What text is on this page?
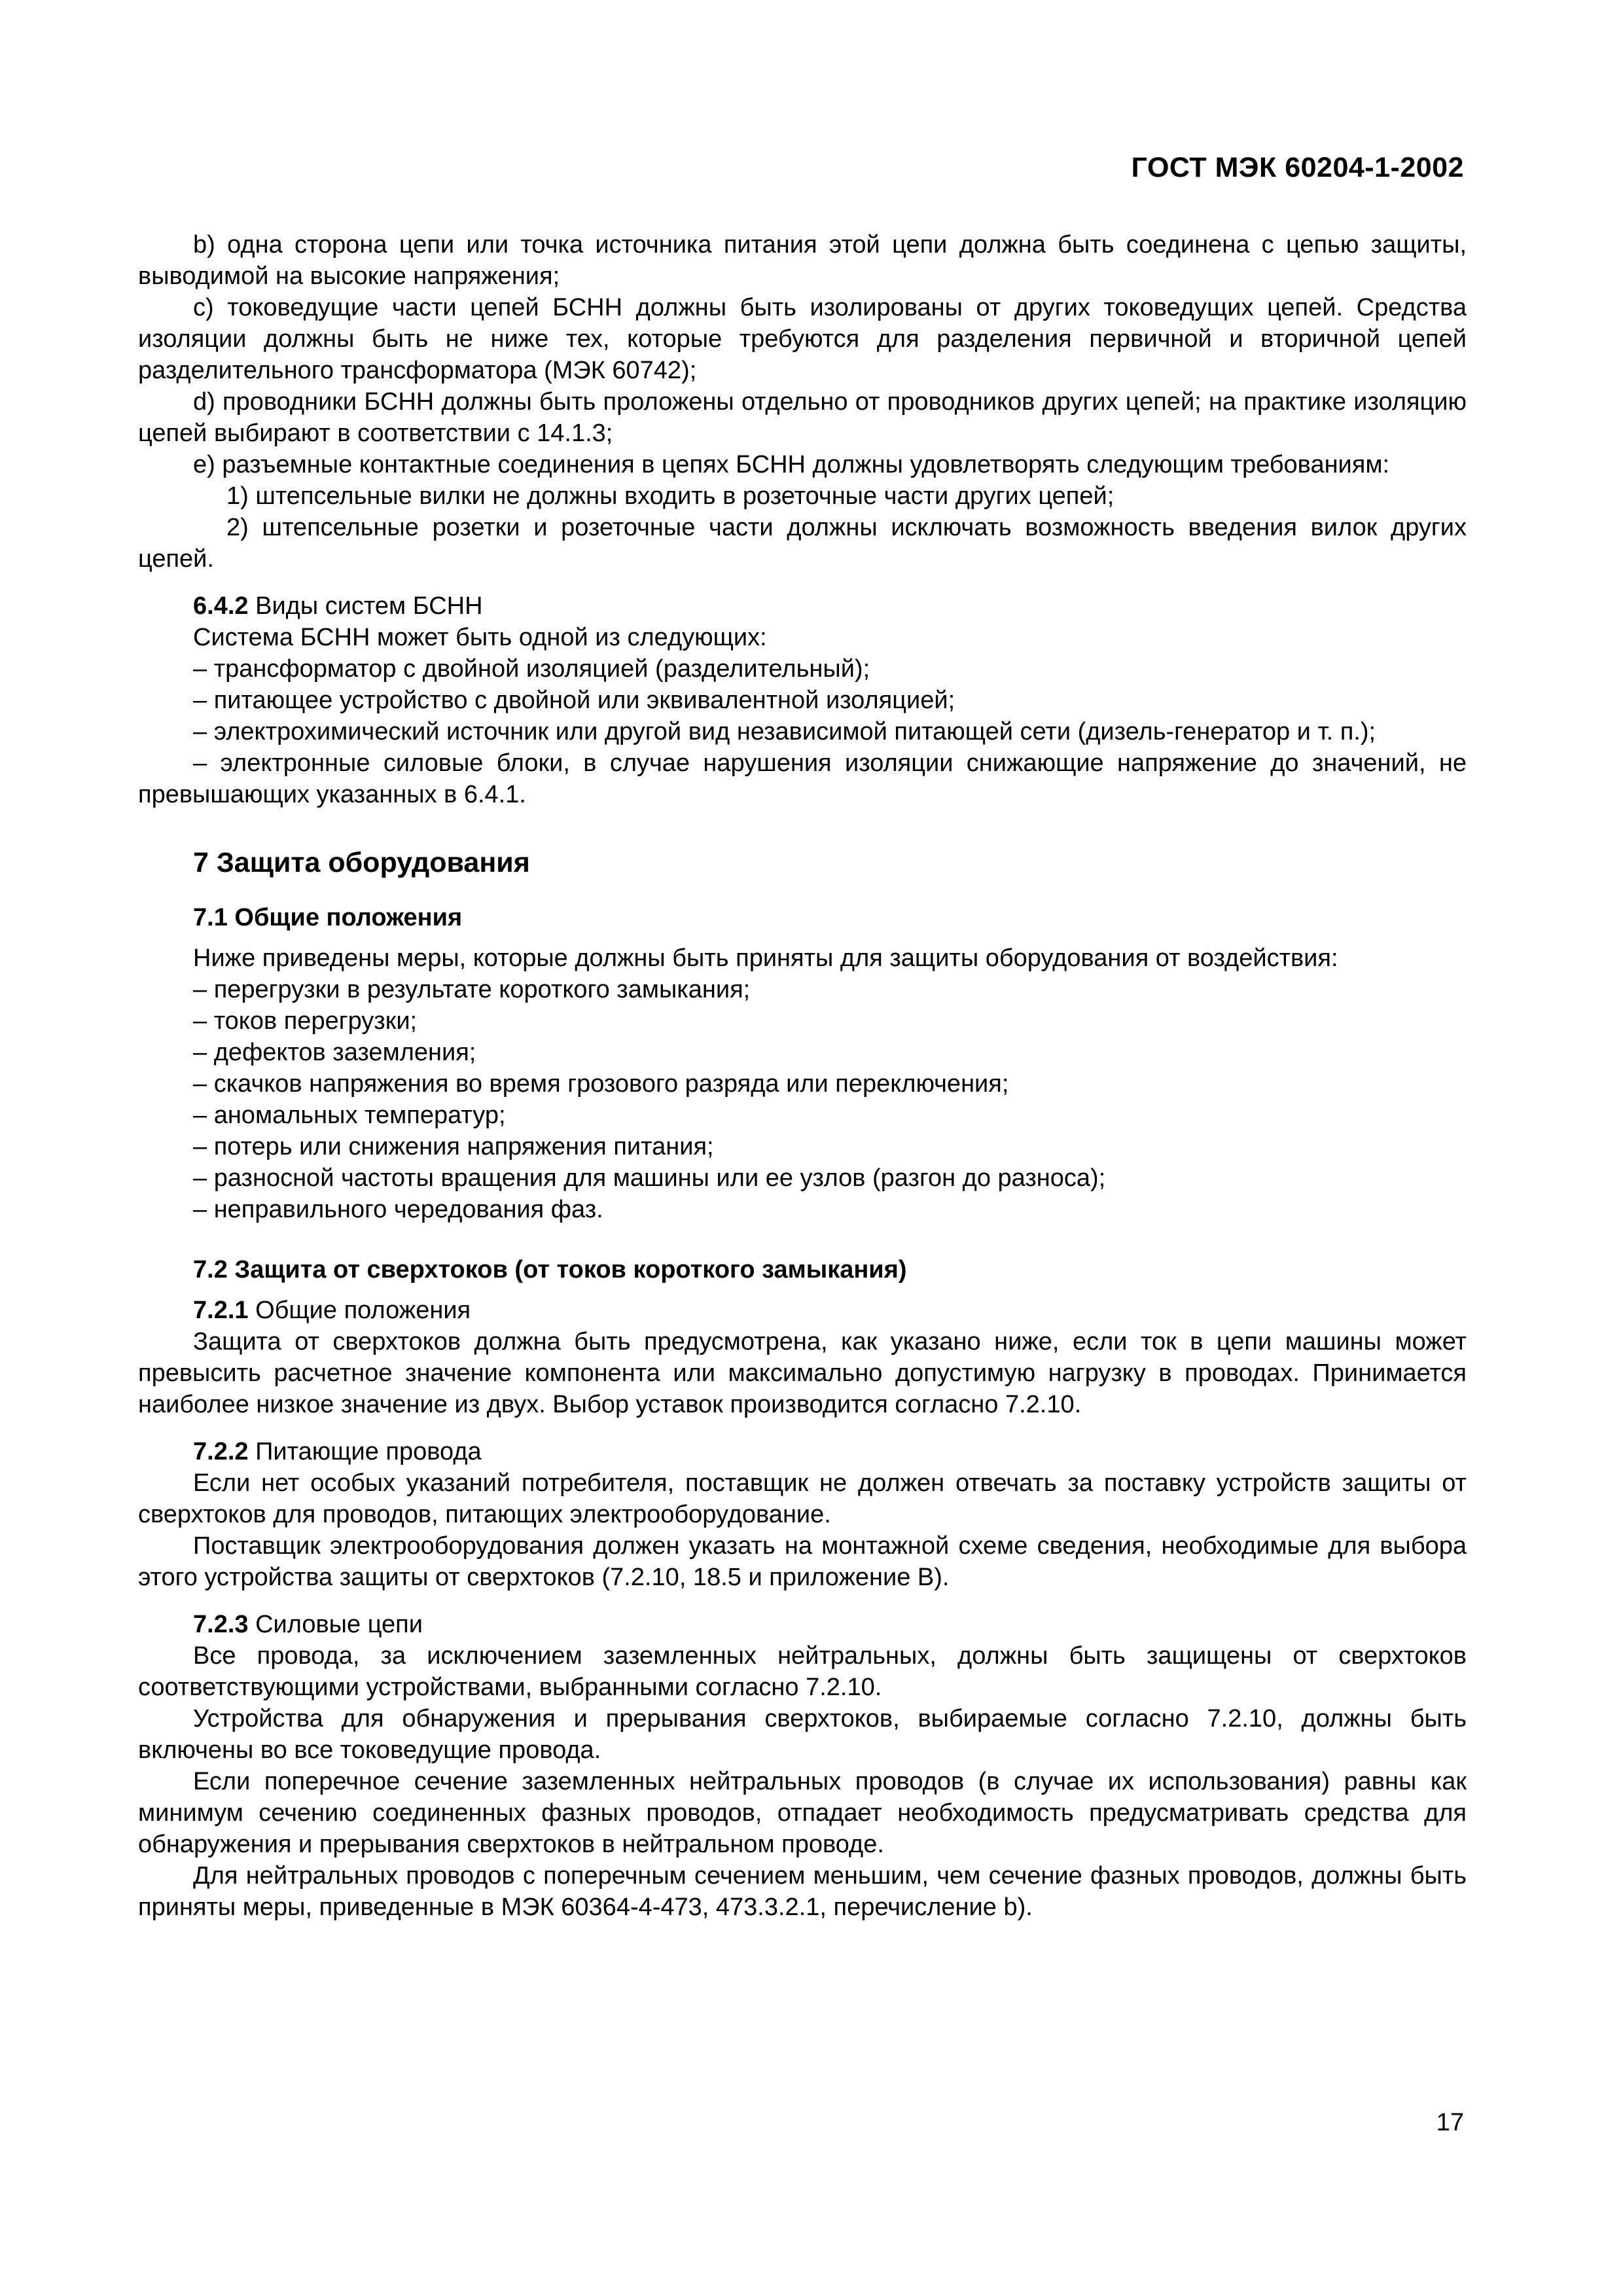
ГОСТ МЭК 60204-1-2002

b) одна сторона цепи или точка источника питания этой цепи должна быть соединена с цепью защиты, выводимой на высокие напряжения;

c) токоведущие части цепей БСНН должны быть изолированы от других токоведущих цепей. Средства изоляции должны быть не ниже тех, которые требуются для разделения первичной и вторичной цепей разделительного трансформатора (МЭК 60742);

d) проводники БСНН должны быть проложены отдельно от проводников других цепей; на практике изоляцию цепей выбирают в соответствии с 14.1.3;

e) разъемные контактные соединения в цепях БСНН должны удовлетворять следующим требованиям:

1) штепсельные вилки не должны входить в розеточные части других цепей;

2) штепсельные розетки и розеточные части должны исключать возможность введения вилок других цепей.

6.4.2 Виды систем БСНН

Система БСНН может быть одной из следующих:

– трансформатор с двойной изоляцией (разделительный);

– питающее устройство с двойной или эквивалентной изоляцией;

– электрохимический источник или другой вид независимой питающей сети (дизель-генератор и т. п.);

– электронные силовые блоки, в случае нарушения изоляции снижающие напряжение до значений, не превышающих указанных в 6.4.1.

7 Защита оборудования

7.1 Общие положения

Ниже приведены меры, которые должны быть приняты для защиты оборудования от воздействия:

– перегрузки в результате короткого замыкания;

– токов перегрузки;

– дефектов заземления;

– скачков напряжения во время грозового разряда или переключения;

– аномальных температур;

– потерь или снижения напряжения питания;

– разносной частоты вращения для машины или ее узлов (разгон до разноса);

– неправильного чередования фаз.

7.2 Защита от сверхтоков (от токов короткого замыкания)

7.2.1 Общие положения

Защита от сверхтоков должна быть предусмотрена, как указано ниже, если ток в цепи машины может превысить расчетное значение компонента или максимально допустимую нагрузку в проводах. Принимается наиболее низкое значение из двух. Выбор уставок производится согласно 7.2.10.

7.2.2 Питающие провода

Если нет особых указаний потребителя, поставщик не должен отвечать за поставку устройств защиты от сверхтоков для проводов, питающих электрооборудование.

Поставщик электрооборудования должен указать на монтажной схеме сведения, необходимые для выбора этого устройства защиты от сверхтоков (7.2.10, 18.5 и приложение В).

7.2.3 Силовые цепи

Все провода, за исключением заземленных нейтральных, должны быть защищены от сверхтоков соответствующими устройствами, выбранными согласно 7.2.10.

Устройства для обнаружения и прерывания сверхтоков, выбираемые согласно 7.2.10, должны быть включены во все токоведущие провода.

Если поперечное сечение заземленных нейтральных проводов (в случае их использования) равны как минимум сечению соединенных фазных проводов, отпадает необходимость предусматривать средства для обнаружения и прерывания сверхтоков в нейтральном проводе.

Для нейтральных проводов с поперечным сечением меньшим, чем сечение фазных проводов, должны быть приняты меры, приведенные в МЭК 60364-4-473, 473.3.2.1, перечисление b).

17
